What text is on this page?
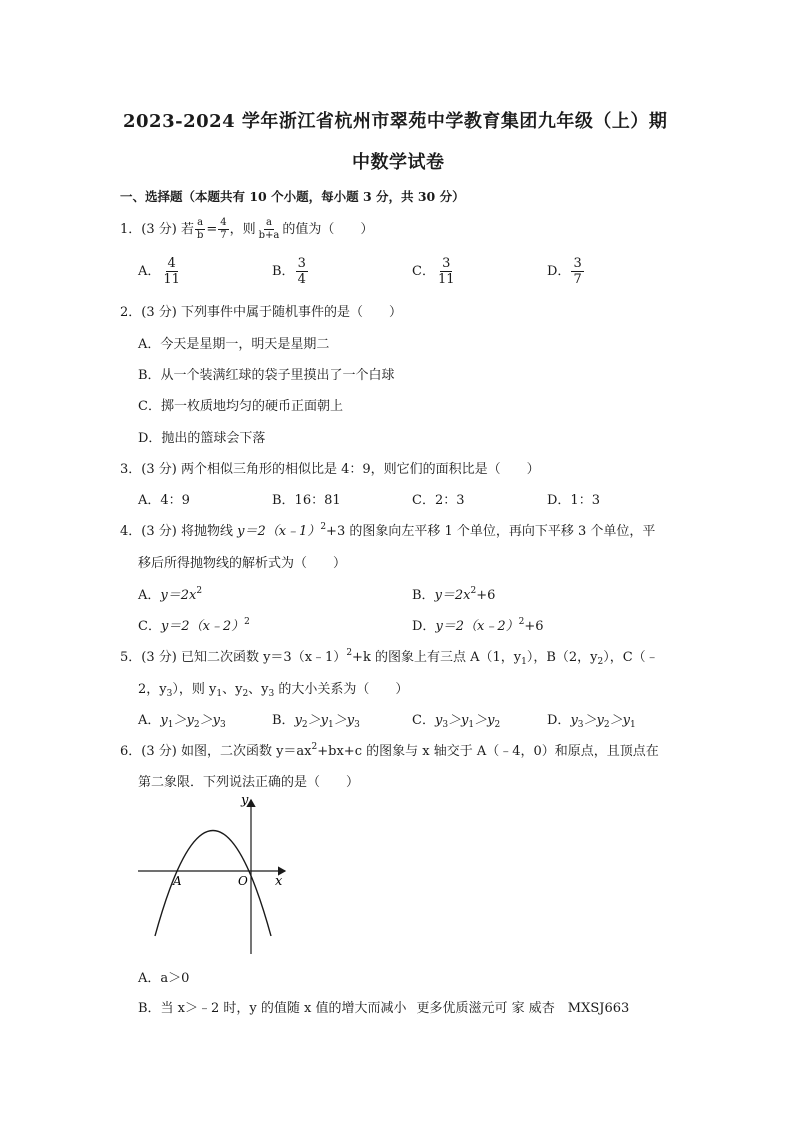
2023-2024 学年浙江省杭州市翠苑中学教育集团九年级（上）期
中数学试卷
一、选择题（本题共有 10 个小题，每小题 3 分，共 30 分）
1．(3 分) 若 $\frac{a}{b} = \frac{4}{7}$ ，则 $\frac{a}{b+a}$ 的值为（　　）
A． $\frac{4}{11}$	B． $\frac{3}{4}$	C． $\frac{3}{11}$	D． $\frac{3}{7}$
2．(3 分) 下列事件中属于随机事件的是（　　）
A．今天是星期一，明天是星期二
B．从一个装满红球的袋子里摸出了一个白球
C．掷一枚质地均匀的硬币正面朝上
D．抛出的篮球会下落
3．(3 分) 两个相似三角形的相似比是 4：9，则它们的面积比是（　　）
A．4：9	B．16：81	C．2：3	D．1：3
4．(3 分) 将抛物线 y＝2（x﹣1）$^2$+3 的图象向左平移 1 个单位，再向下平移 3 个单位，平
移后所得抛物线的解析式为（　　）
A．$y=2x^2$	B．$y=2x^2+6$
C．y＝2（x﹣2）$^2$	D．y＝2（x﹣2）$^2$+6
5．(3 分) 已知二次函数 y＝3（x﹣1）$^2$+k 的图象上有三点 A（1，$y_1$），B（2，$y_2$），C（﹣
2，$y_3$），则 $y_1$、$y_2$、$y_3$ 的大小关系为（　　）
A．$y_1>y_2>y_3$	B．$y_2>y_1>y_3$	C．$y_3>y_1>y_2$	D．$y_3>y_2>y_1$
6．(3 分) 如图，二次函数 $y=ax^2+bx+c$ 的图象与 x 轴交于 A（﹣4，0）和原点，且顶点在
第二象限．下列说法正确的是（　　）
y
x
A	O
A．a＞0
B．当 x＞﹣2 时，y 的值随 x 值的增大而减小 更多优质滋元可 家 威杏　MXSJ663
